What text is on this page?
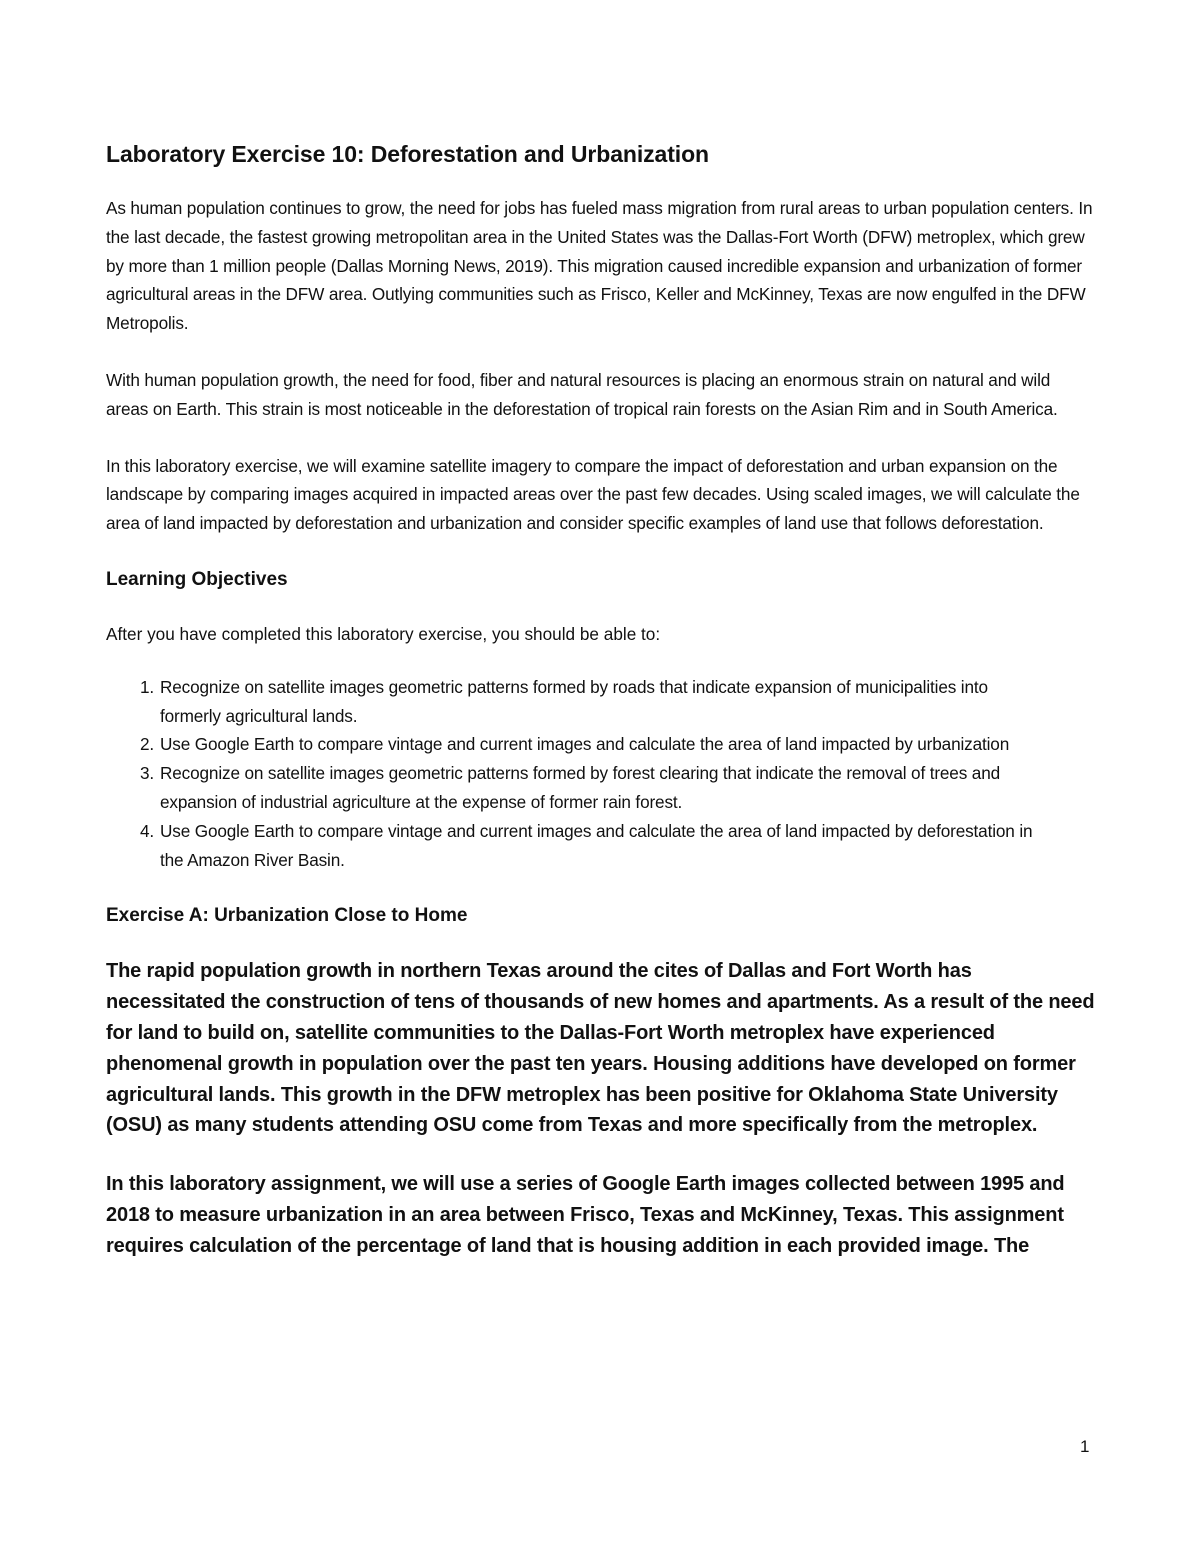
Laboratory Exercise 10: Deforestation and Urbanization

As human population continues to grow, the need for jobs has fueled mass migration from rural areas to urban population centers. In the last decade, the fastest growing metropolitan area in the United States was the Dallas-Fort Worth (DFW) metroplex, which grew by more than 1 million people (Dallas Morning News, 2019). This migration caused incredible expansion and urbanization of former agricultural areas in the DFW area. Outlying communities such as Frisco, Keller and McKinney, Texas are now engulfed in the DFW Metropolis.

With human population growth, the need for food, fiber and natural resources is placing an enormous strain on natural and wild areas on Earth. This strain is most noticeable in the deforestation of tropical rain forests on the Asian Rim and in South America.

In this laboratory exercise, we will examine satellite imagery to compare the impact of deforestation and urban expansion on the landscape by comparing images acquired in impacted areas over the past few decades. Using scaled images, we will calculate the area of land impacted by deforestation and urbanization and consider specific examples of land use that follows deforestation.

Learning Objectives
After you have completed this laboratory exercise, you should be able to:
1. Recognize on satellite images geometric patterns formed by roads that indicate expansion of municipalities into formerly agricultural lands.
2. Use Google Earth to compare vintage and current images and calculate the area of land impacted by urbanization
3. Recognize on satellite images geometric patterns formed by forest clearing that indicate the removal of trees and expansion of industrial agriculture at the expense of former rain forest.
4. Use Google Earth to compare vintage and current images and calculate the area of land impacted by deforestation in the Amazon River Basin.
Exercise A: Urbanization Close to Home

The rapid population growth in northern Texas around the cites of Dallas and Fort Worth has necessitated the construction of tens of thousands of new homes and apartments. As a result of the need for land to build on, satellite communities to the Dallas-Fort Worth metroplex have experienced phenomenal growth in population over the past ten years. Housing additions have developed on former agricultural lands. This growth in the DFW metroplex has been positive for Oklahoma State University (OSU) as many students attending OSU come from Texas and more specifically from the metroplex.

In this laboratory assignment, we will use a series of Google Earth images collected between 1995 and 2018 to measure urbanization in an area between Frisco, Texas and McKinney, Texas. This assignment requires calculation of the percentage of land that is housing addition in each provided image. The

1
